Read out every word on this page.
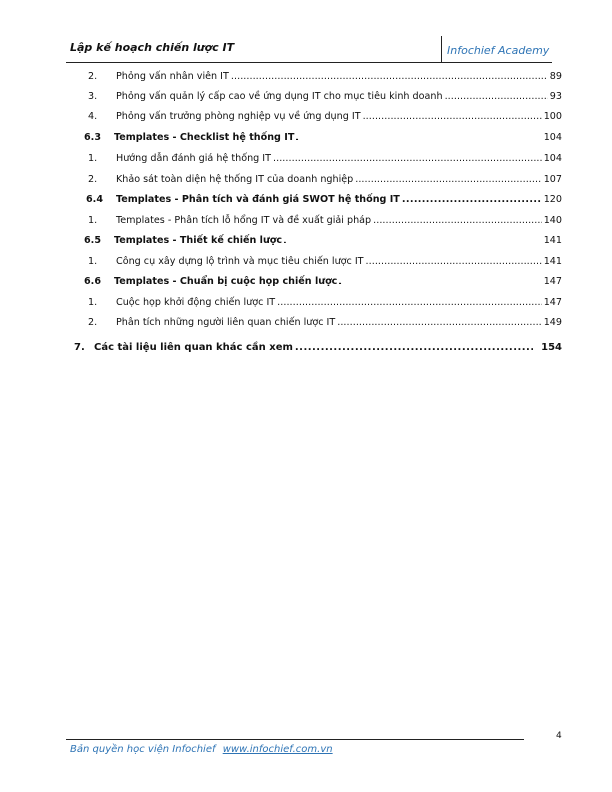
Lập kế hoạch chiến lược IT	Infochief Academy
2.	Phỏng vấn nhân viên IT . . .	89
3.	Phỏng vấn quản lý cấp cao về ứng dụng IT cho mục tiêu kinh doanh . . .	93
4.	Phỏng vấn trưởng phòng nghiệp vụ về ứng dụng IT . . .	100
6.3	Templates - Checklist hệ thống IT . . .	104
1.	Hướng dẫn đánh giá hệ thống IT . . .	104
2.	Khảo sát toàn diện hệ thống IT của doanh nghiệp . . .	107
6.4	Templates - Phân tích và đánh giá SWOT hệ thống IT . . .	120
1.	Templates - Phân tích lỗ hổng IT và đề xuất giải pháp . . .	140
6.5	Templates - Thiết kế chiến lược . . .	141
1.	Công cụ xây dựng lộ trình và mục tiêu chiến lược IT . . .	141
6.6	Templates - Chuẩn bị cuộc họp chiến lược . . .	147
1.	Cuộc họp khởi động chiến lược IT . . .	147
2.	Phân tích những người liên quan chiến lược IT . . .	149
7. Các tài liệu liên quan khác cần xem . . .	154
4
Bản quyền học viện Infochief www.infochief.com.vn
